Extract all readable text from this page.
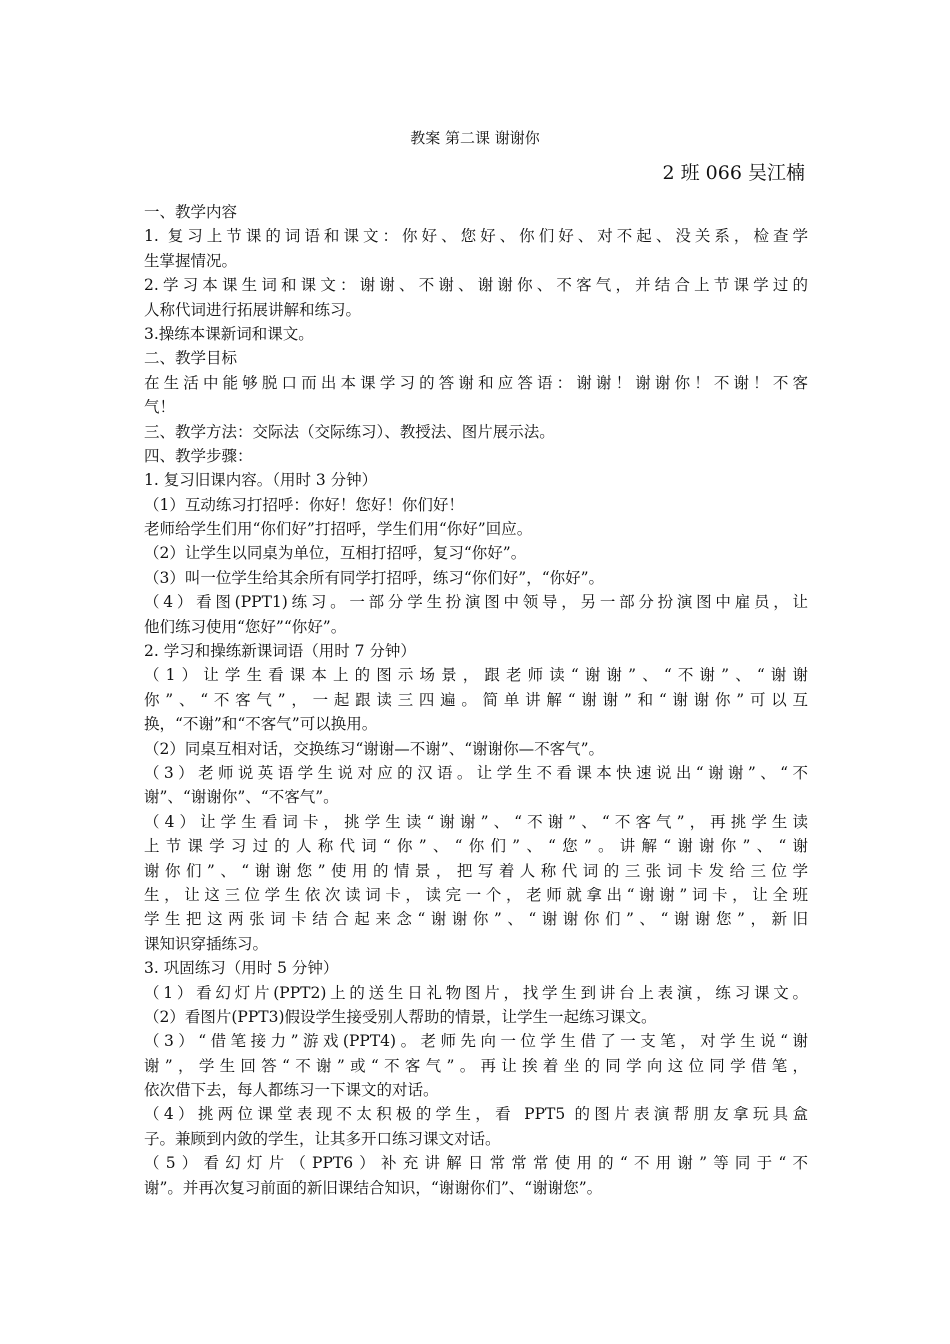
教案 第二课 谢谢你
2 班 066 吴江楠
一、教学内容
1. 复习上节课的词语和课文：你好、您好、你们好、对不起、没关系，检查学
生掌握情况。
2.学习本课生词和课文：谢谢、不谢、谢谢你、不客气，并结合上节课学过的
人称代词进行拓展讲解和练习。
3.操练本课新词和课文。
二、教学目标
在生活中能够脱口而出本课学习的答谢和应答语：谢谢！谢谢你！不谢！不客
气！
三、教学方法：交际法（交际练习）、教授法、图片展示法。
四、教学步骤：
1. 复习旧课内容。（用时 3 分钟）
（1）互动练习打招呼：你好！您好！你们好！
老师给学生们用“你们好”打招呼，学生们用“你好”回应。
（2）让学生以同桌为单位，互相打招呼，复习“你好”。
（3）叫一位学生给其余所有同学打招呼，练习“你们好”，“你好”。
（4）看图(PPT1)练习。一部分学生扮演图中领导，另一部分扮演图中雇员，让
他们练习使用“您好”“你好”。
2. 学习和操练新课词语（用时 7 分钟）
（1）让学生看课本上的图示场景，跟老师读“谢谢”、“不谢”、“谢谢
你”、“不客气”，一起跟读三四遍。简单讲解“谢谢”和“谢谢你”可以互
换，“不谢”和“不客气”可以换用。
（2）同桌互相对话，交换练习“谢谢—不谢”、“谢谢你—不客气”。
（3）老师说英语学生说对应的汉语。让学生不看课本快速说出“谢谢”、“不
谢”、“谢谢你”、“不客气”。
（4）让学生看词卡，挑学生读“谢谢”、“不谢”、“不客气”，再挑学生读
上节课学习过的人称代词“你”、“你们”、“您”。讲解“谢谢你”、“谢
谢你们”、“谢谢您”使用的情景，把写着人称代词的三张词卡发给三位学
生，让这三位学生依次读词卡，读完一个，老师就拿出“谢谢”词卡，让全班
学生把这两张词卡结合起来念“谢谢你”、“谢谢你们”、“谢谢您”，新旧
课知识穿插练习。
3. 巩固练习（用时 5 分钟）
（1）看幻灯片(PPT2)上的送生日礼物图片，找学生到讲台上表演，练习课文。
（2）看图片(PPT3)假设学生接受别人帮助的情景，让学生一起练习课文。
（3）“借笔接力”游戏(PPT4)。老师先向一位学生借了一支笔，对学生说“谢
谢”，学生回答“不谢”或“不客气”。再让挨着坐的同学向这位同学借笔，
依次借下去，每人都练习一下课文的对话。
（4）挑两位课堂表现不太积极的学生，看 PPT5 的图片表演帮朋友拿玩具盒
子。兼顾到内敛的学生，让其多开口练习课文对话。
（5）看幻灯片（PPT6）补充讲解日常常常使用的“不用谢”等同于“不
谢”。并再次复习前面的新旧课结合知识，“谢谢你们”、“谢谢您”。
